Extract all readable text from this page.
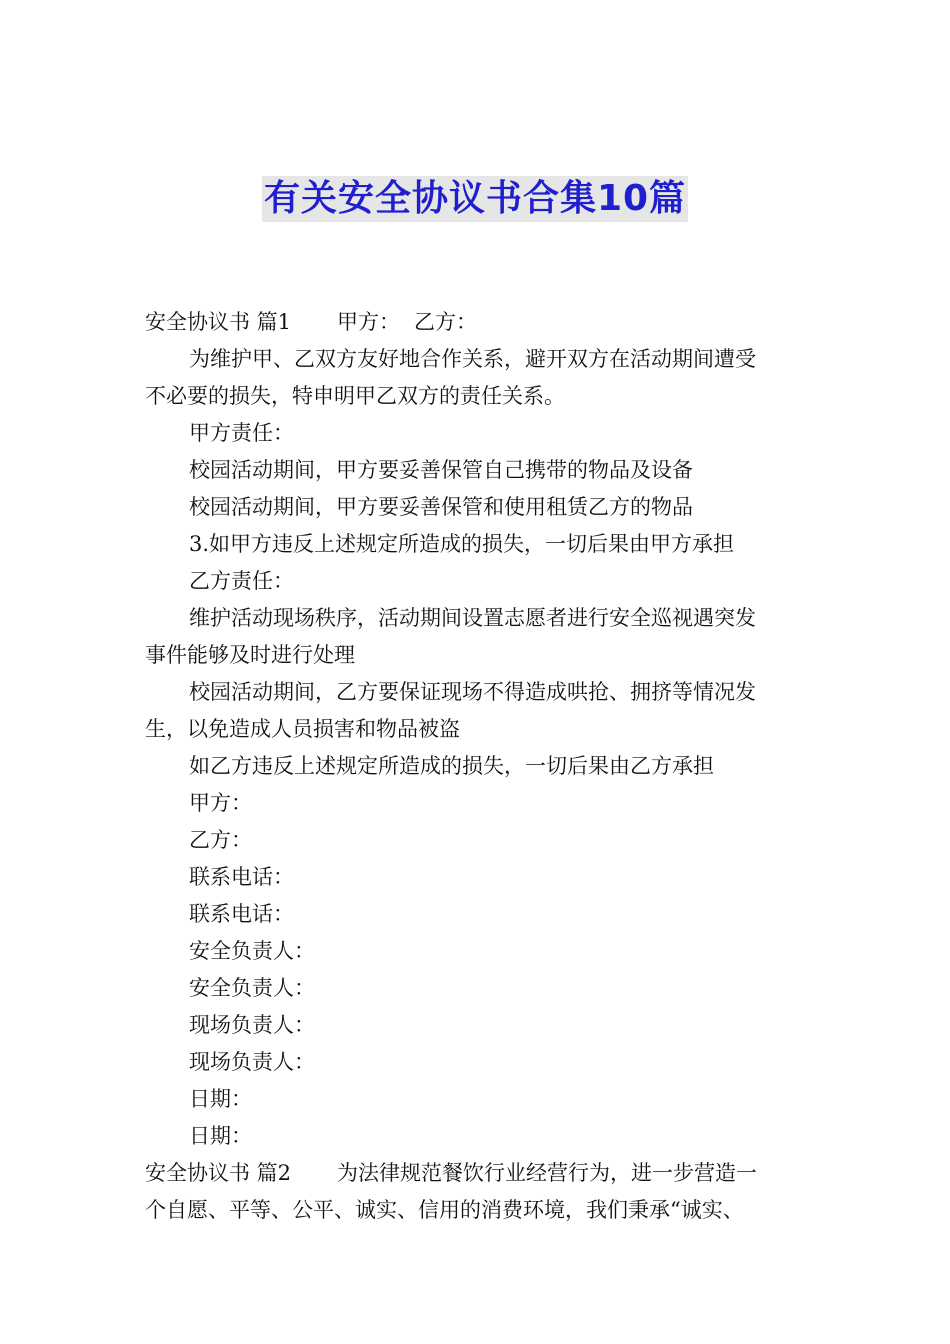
有关安全协议书合集10篇
安全协议书 篇1 甲方： 乙方：
为维护甲、乙双方友好地合作关系，避开双方在活动期间遭受
不必要的损失，特申明甲乙双方的责任关系。
甲方责任：
校园活动期间，甲方要妥善保管自己携带的物品及设备
校园活动期间，甲方要妥善保管和使用租赁乙方的物品
3.如甲方违反上述规定所造成的损失，一切后果由甲方承担
乙方责任：
维护活动现场秩序，活动期间设置志愿者进行安全巡视遇突发
事件能够及时进行处理
校园活动期间，乙方要保证现场不得造成哄抢、拥挤等情况发
生，以免造成人员损害和物品被盗
如乙方违反上述规定所造成的损失，一切后果由乙方承担
甲方：
乙方：
联系电话：
联系电话：
安全负责人：
安全负责人：
现场负责人：
现场负责人：
日期：
日期：
安全协议书 篇2 为法律规范餐饮行业经营行为，进一步营造一
个自愿、平等、公平、诚实、信用的消费环境，我们秉承“诚实、
